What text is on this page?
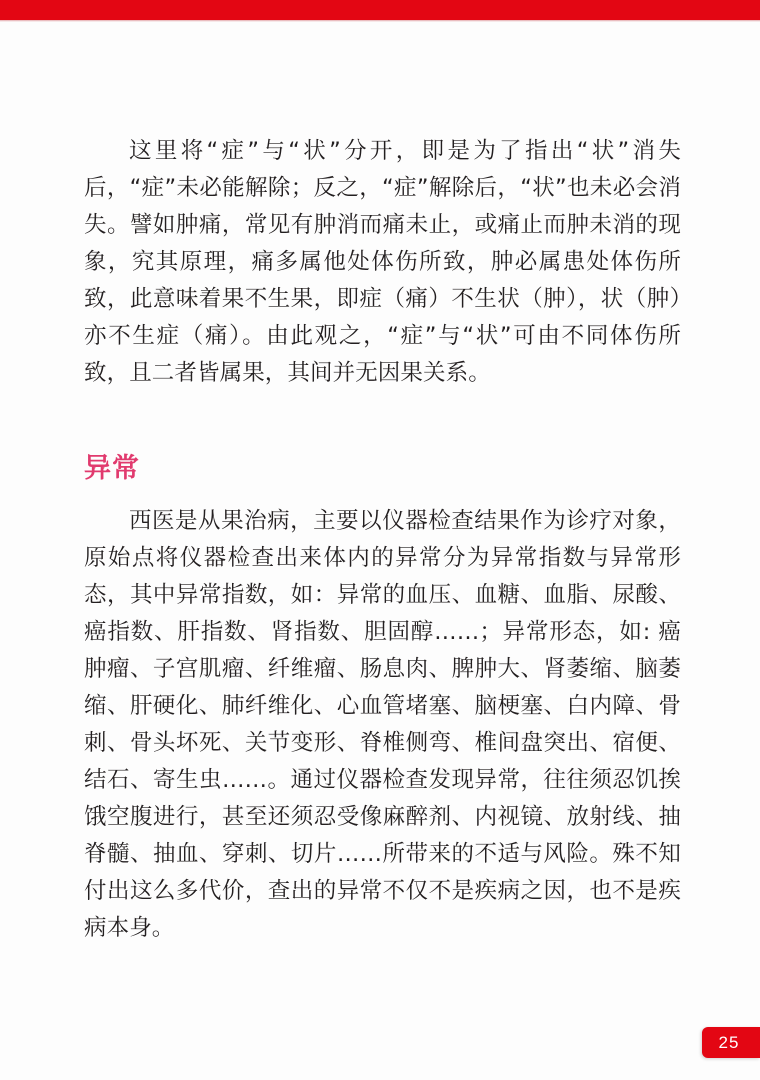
这里将“症”与“状”分开，即是为了指出“状”消失后，“症”未必能解除；反之，“症”解除后，“状”也未必会消失。譬如肿痛，常见有肿消而痛未止，或痛止而肿未消的现象，究其原理，痛多属他处体伤所致，肿必属患处体伤所致，此意味着果不生果，即症（痛）不生状（肿），状（肿）亦不生症（痛）。由此观之，“症”与“状”可由不同体伤所致，且二者皆属果，其间并无因果关系。

异常

西医是从果治病，主要以仪器检查结果作为诊疗对象，原始点将仪器检查出来体内的异常分为异常指数与异常形态，其中异常指数，如：异常的血压、血糖、血脂、尿酸、癌指数、肝指数、肾指数、胆固醇……；异常形态，如: 癌肿瘤、子宫肌瘤、纤维瘤、肠息肉、脾肿大、肾萎缩、脑萎缩、肝硬化、肺纤维化、心血管堵塞、脑梗塞、白内障、骨刺、骨头坏死、关节变形、脊椎侧弯、椎间盘突出、宿便、结石、寄生虫……。通过仪器检查发现异常，往往须忍饥挨饿空腹进行，甚至还须忍受像麻醉剂、内视镜、放射线、抽脊髓、抽血、穿刺、切片……所带来的不适与风险。殊不知付出这么多代价，查出的异常不仅不是疾病之因，也不是疾病本身。

25
